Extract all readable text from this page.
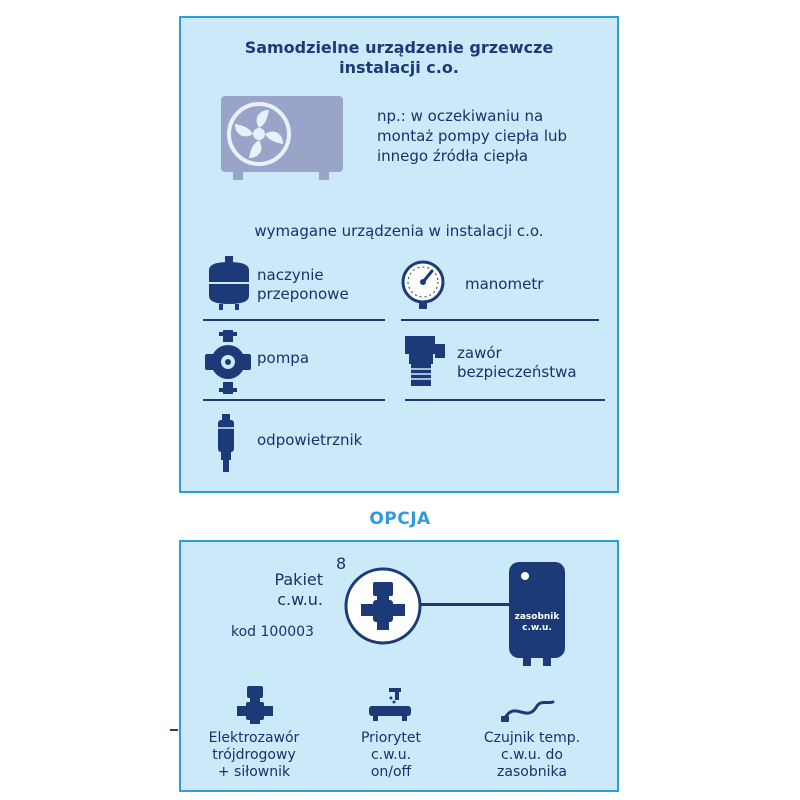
Samodzielne urządzenie grzewcze
instalacji c.o.
np.: w oczekiwaniu na
montaż pompy ciepła lub
innego źródła ciepła
wymagane urządzenia w instalacji c.o.
naczynie
przeponowe
manometr
pompa	zawór
bezpieczeństwa
odpowietrznik
OPCJA
Pakiet
c.w.u.
8
kod 100003
zasobnik
c.w.u.
Elektrozawór
trójdrogowy
+ siłownik
Priorytet
c.w.u.
on/off
Czujnik temp.
c.w.u. do
zasobnika
